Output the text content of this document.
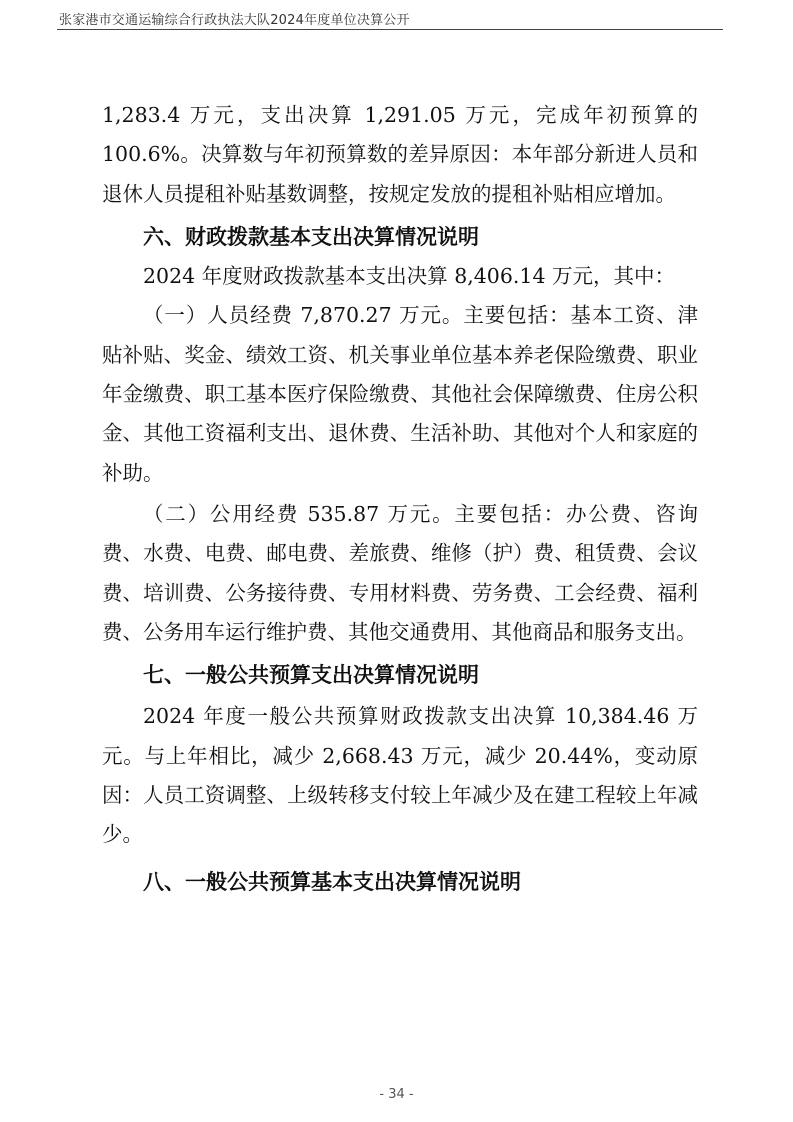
张家港市交通运输综合行政执法大队2024年度单位决算公开

1,283.4 万元，支出决算 1,291.05 万元，完成年初预算的100.6%。决算数与年初预算数的差异原因：本年部分新进人员和退休人员提租补贴基数调整，按规定发放的提租补贴相应增加。

六、财政拨款基本支出决算情况说明

2024 年度财政拨款基本支出决算 8,406.14 万元，其中：

（一）人员经费 7,870.27 万元。主要包括：基本工资、津贴补贴、奖金、绩效工资、机关事业单位基本养老保险缴费、职业年金缴费、职工基本医疗保险缴费、其他社会保障缴费、住房公积金、其他工资福利支出、退休费、生活补助、其他对个人和家庭的补助。

（二）公用经费 535.87 万元。主要包括：办公费、咨询费、水费、电费、邮电费、差旅费、维修（护）费、租赁费、会议费、培训费、公务接待费、专用材料费、劳务费、工会经费、福利费、公务用车运行维护费、其他交通费用、其他商品和服务支出。

七、一般公共预算支出决算情况说明

2024 年度一般公共预算财政拨款支出决算 10,384.46 万元。与上年相比，减少 2,668.43 万元，减少 20.44%，变动原因：人员工资调整、上级转移支付较上年减少及在建工程较上年减少。

八、一般公共预算基本支出决算情况说明

- 34 -
